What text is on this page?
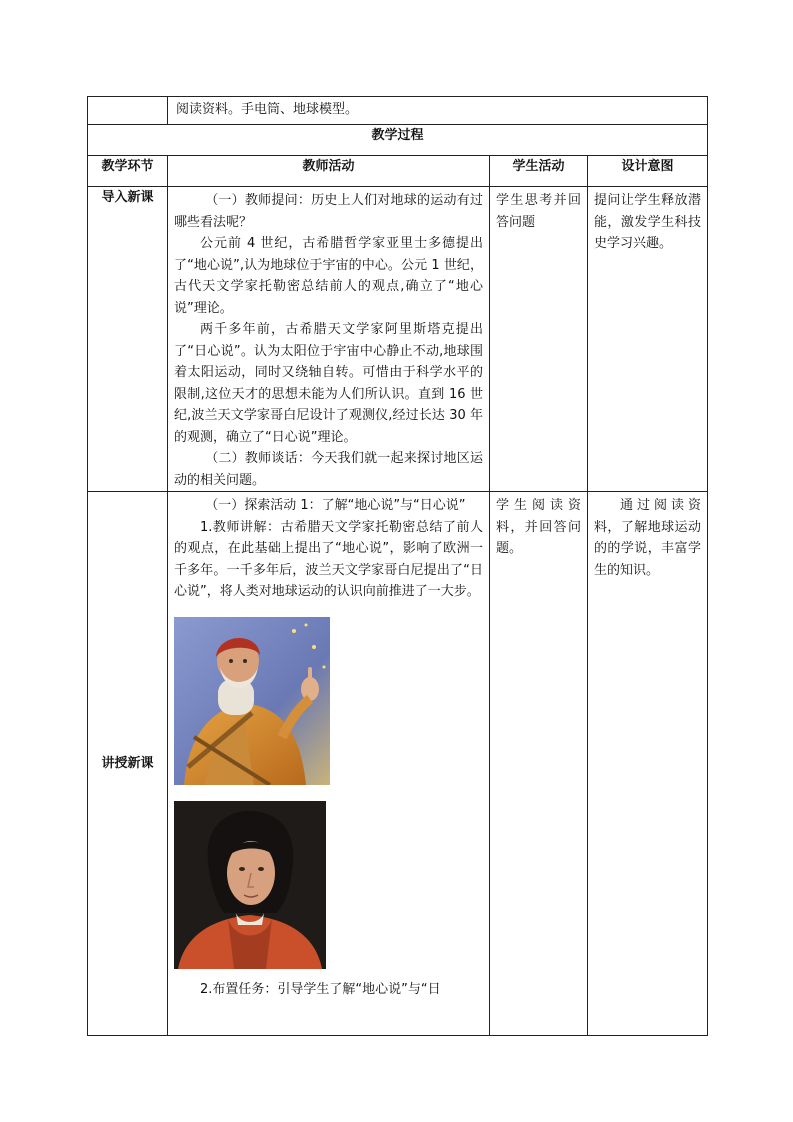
	阅读资料。手电筒、地球模型。		

教学过程			
教学环节	教师活动	学生活动	设计意图
导入新课	（一）教师提问：历史上人们对地球的运动有过哪些看法呢？

公元前 4 世纪，古希腊哲学家亚里士多德提出了“地心说”,认为地球位于宇宙的中心。公元 1 世纪，古代天文学家托勒密总结前人的观点,确立了“地心说”理论。

两千多年前，古希腊天文学家阿里斯塔克提出了“日心说”。认为太阳位于宇宙中心静止不动,地球围着太阳运动，同时又绕轴自转。可惜由于科学水平的限制,这位天才的思想未能为人们所认识。直到 16 世纪,波兰天文学家哥白尼设计了观测仪,经过长达 30 年的观测，确立了“日心说”理论。

（二）教师谈话：今天我们就一起来探讨地区运动的相关问题。	学生思考并回答问题	提问让学生释放潜能，激发学生科技史学习兴趣。

讲授新课	（一）探索活动 1：了解“地心说”与“日心说”

1.教师讲解：古希腊天文学家托勒密总结了前人的观点，在此基础上提出了“地心说”，影响了欧洲一千多年。一千多年后，波兰天文学家哥白尼提出了“日心说”，将人类对地球运动的认识向前推进了一大步。

2.布置任务：引导学生了解“地心说”与“日	学生阅读资料，并回答问题。	通过阅读资料，了解地球运动的的学说，丰富学生的知识。
